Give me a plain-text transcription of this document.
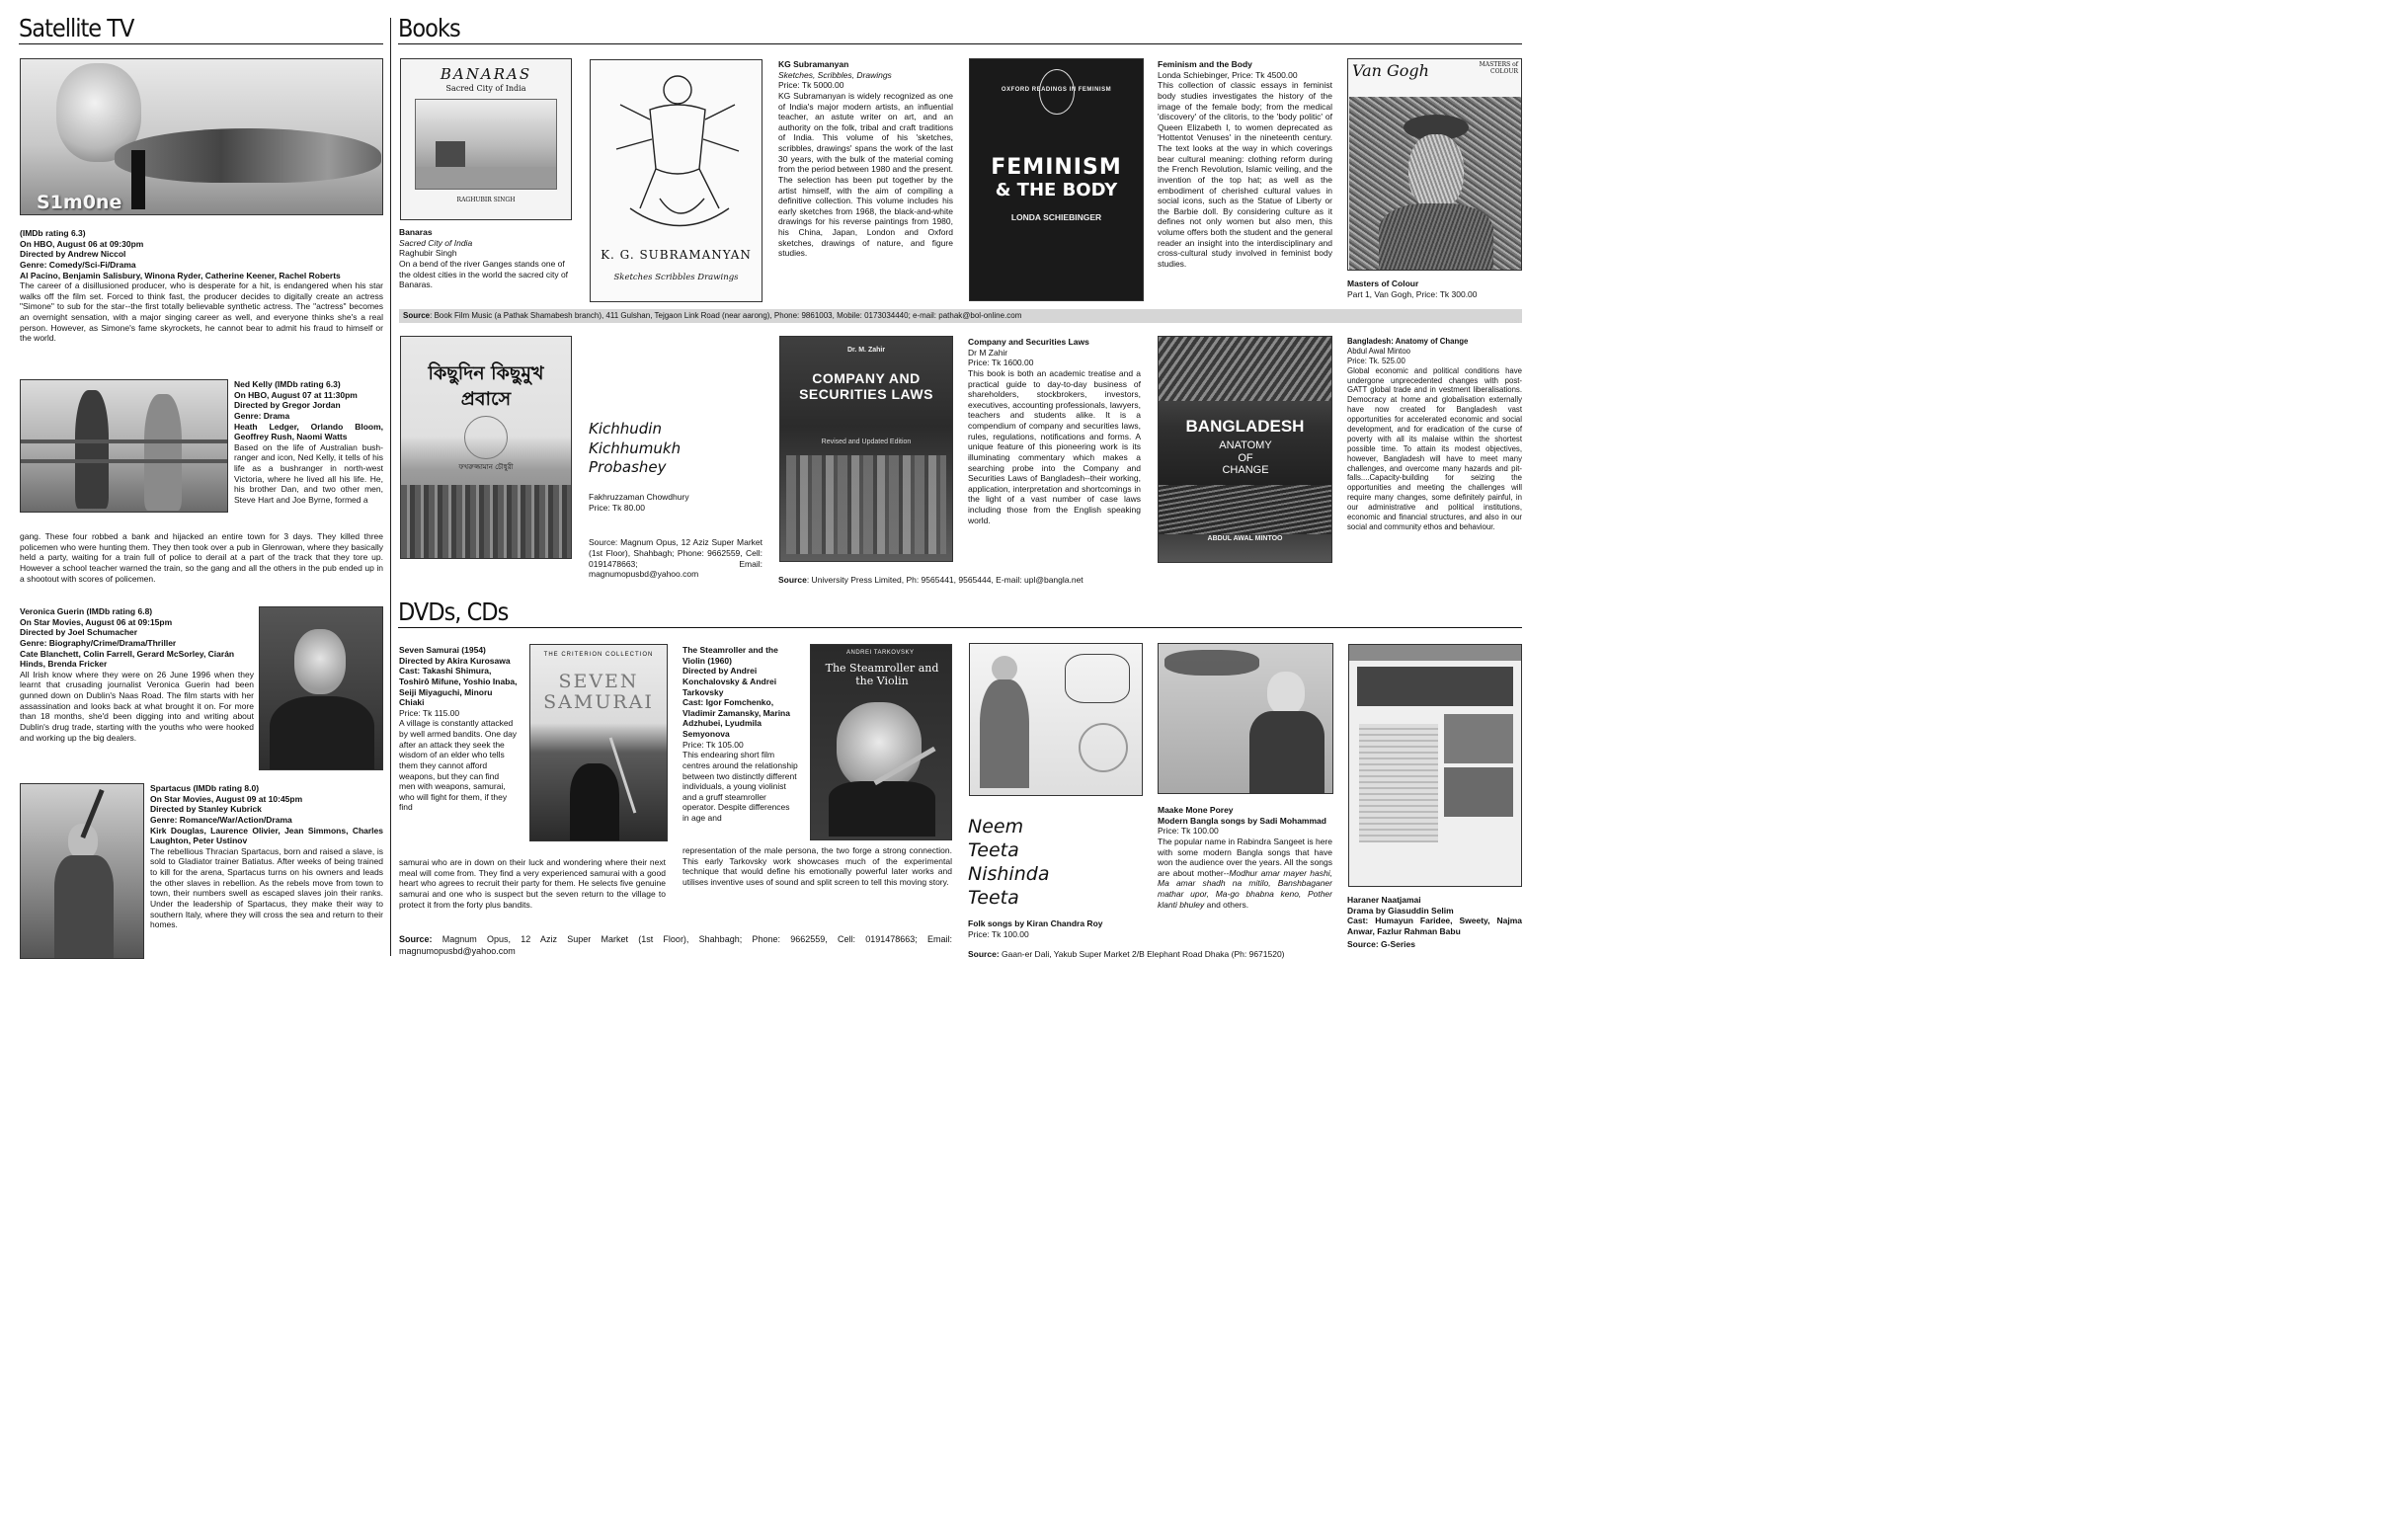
Satellite TV
S1m0ne
(IMDb rating 6.3)
On HBO, August 06 at 09:30pm
Directed by Andrew Niccol
Genre: Comedy/Sci-Fi/Drama
Al Pacino, Benjamin Salisbury, Winona Ryder, Catherine Keener, Rachel Roberts
The career of a disillusioned producer, who is desperate for a hit, is endangered when his star walks off the film set. Forced to think fast, the producer decides to digitally create an actress "Simone" to sub for the star--the first totally believable synthetic actress. The "actress" becomes an overnight sensation, with a major singing career as well, and everyone thinks she's a real person. However, as Simone's fame skyrockets, he cannot bear to admit his fraud to himself or the world.
Ned Kelly (IMDb rating 6.3)
On HBO, August 07 at 11:30pm
Directed by Gregor Jordan
Genre: Drama
Heath Ledger, Orlando Bloom, Geoffrey Rush, Naomi Watts
Based on the life of Australian bush-ranger and icon, Ned Kelly, it tells of his life as a bushranger in north-west Victoria, where he lived all his life. He, his brother Dan, and two other men, Steve Hart and Joe Byrne, formed a
gang. These four robbed a bank and hijacked an entire town for 3 days. They killed three policemen who were hunting them. They then took over a pub in Glenrowan, where they basically held a party, waiting for a train full of police to derail at a part of the track that they tore up. However a school teacher warned the train, so the gang and all the others in the pub ended up in a shootout with scores of policemen.
Veronica Guerin (IMDb rating 6.8)
On Star Movies, August 06 at 09:15pm
Directed by Joel Schumacher
Genre: Biography/Crime/Drama/Thriller
Cate Blanchett, Colin Farrell, Gerard McSorley, Ciarán Hinds, Brenda Fricker
All Irish know where they were on 26 June 1996 when they learnt that crusading journalist Veronica Guerin had been gunned down on Dublin's Naas Road. The film starts with her assassination and looks back at what brought it on. For more than 18 months, she'd been digging into and writing about Dublin's drug trade, starting with the youths who were hooked and working up the big dealers.
Spartacus (IMDb rating 8.0)
On Star Movies, August 09 at 10:45pm
Directed by Stanley Kubrick
Genre: Romance/War/Action/Drama
Kirk Douglas, Laurence Olivier, Jean Simmons, Charles Laughton, Peter Ustinov
The rebellious Thracian Spartacus, born and raised a slave, is sold to Gladiator trainer Batiatus. After weeks of being trained to kill for the arena, Spartacus turns on his owners and leads the other slaves in rebellion. As the rebels move from town to town, their numbers swell as escaped slaves join their ranks. Under the leadership of Spartacus, they make their way to southern Italy, where they will cross the sea and return to their homes.
Books
BANARAS
Sacred City of India
RAGHUBIR SINGH
Banaras
Sacred City of India
Raghubir Singh
On a bend of the river Ganges stands one of the oldest cities in the world the sacred city of Banaras.
K. G. SUBRAMANYAN
Sketches Scribbles Drawings
KG Subramanyan
Sketches, Scribbles, Drawings
Price: Tk 5000.00
KG Subramanyan is widely recognized as one of India's major modern artists, an influential teacher, an astute writer on art, and an authority on the folk, tribal and craft traditions of India. This volume of his 'sketches, scribbles, drawings' spans the work of the last 30 years, with the bulk of the material coming from the period between 1980 and the present. The selection has been put together by the artist himself, with the aim of compiling a definitive collection. This volume includes his early sketches from 1968, the black-and-white drawings for his reverse paintings from 1980, his China, Japan, London and Oxford sketches, drawings of nature, and figure studies.
OXFORD READINGS IN FEMINISM
FEMINISM
& THE BODY
LONDA SCHIEBINGER
Feminism and the Body
Londa Schiebinger, Price: Tk 4500.00
This collection of classic essays in feminist body studies investigates the history of the image of the female body; from the medical 'discovery' of the clitoris, to the 'body politic' of Queen Elizabeth I, to women deprecated as 'Hottentot Venuses' in the nineteenth century. The text looks at the way in which coverings bear cultural meaning: clothing reform during the French Revolution, Islamic veiling, and the invention of the top hat; as well as the embodiment of cherished cultural values in social icons, such as the Statue of Liberty or the Barbie doll. By considering culture as it defines not only women but also men, this volume offers both the student and the general reader an insight into the interdisciplinary and cross-cultural study involved in feminist body studies.
Van Gogh	MASTERS of COLOUR
Masters of Colour
Part 1, Van Gogh, Price: Tk 300.00
Source: Book Film Music (a Pathak Shamabesh branch), 411 Gulshan, Tejgaon Link Road (near aarong), Phone: 9861003, Mobile: 0173034440; e-mail: pathak@bol-online.com
কিছুদিন কিছুমুখ
প্রবাসে
ফখরুজ্জামান চৌধুরী
Kichhudin
Kichhumukh
Probashey
Fakhruzzaman Chowdhury
Price: Tk 80.00
Source: Magnum Opus, 12 Aziz Super Market (1st Floor), Shahbagh; Phone: 9662559, Cell: 0191478663; Email: magnumopusbd@yahoo.com
Dr. M. Zahir
COMPANY AND SECURITIES LAWS
Revised and Updated Edition
Company and Securities Laws
Dr M Zahir
Price: Tk 1600.00
This book is both an academic treatise and a practical guide to day-to-day business of shareholders, stockbrokers, investors, executives, accounting professionals, lawyers, teachers and students alike. It is a compendium of company and securities laws, rules, regulations, notifications and forms. A unique feature of this pioneering work is its illuminating commentary which makes a searching probe into the Company and Securities Laws of Bangladesh--their working, application, interpretation and shortcomings in the light of a vast number of case laws including those from the English speaking world.
Source: University Press Limited, Ph: 9565441, 9565444, E-mail: upl@bangla.net
BANGLADESH
ANATOMY OF CHANGE
ABDUL AWAL MINTOO
Bangladesh: Anatomy of Change
Abdul Awal Mintoo
Price: Tk. 525.00
Global economic and political conditions have undergone unprecedented changes with post-GATT global trade and in vestment liberalisations. Democracy at home and globalisation externally have now created for Bangladesh vast opportunities for accelerated economic and social development, and for eradication of the curse of poverty with all its malaise within the shortest possible time. To attain its modest objectives, however, Bangladesh will have to meet many challenges, and overcome many hazards and pit-falls....Capacity-building for seizing the opportunities and meeting the challenges will require many changes, some definitely painful, in our administrative and political institutions, economic and financial structures, and also in our social and community ethos and behaviour.
DVDs, CDs
Seven Samurai (1954)
Directed by Akira Kurosawa
Cast: Takashi Shimura, Toshirô Mifune, Yoshio Inaba, Seiji Miyaguchi, Minoru Chiaki
Price: Tk 115.00
A village is constantly attacked by well armed bandits. One day after an attack they seek the wisdom of an elder who tells them they cannot afford weapons, but they can find men with weapons, samurai, who will fight for them, if they find
THE CRITERION COLLECTION
SEVEN
SAMURAI
The Steamroller and the Violin (1960)
Directed by Andrei Konchalovsky & Andrei Tarkovsky
Cast: Igor Fomchenko, Vladimir Zamansky, Marina Adzhubei, Lyudmila Semyonova
Price: Tk 105.00
This endearing short film centres around the relationship between two distinctly different individuals, a young violinist and a gruff steamroller operator. Despite differences in age and
ANDREI TARKOVSKY
The Steamroller and the Violin
samurai who are in down on their luck and wondering where their next meal will come from. They find a very experienced samurai with a good heart who agrees to recruit their party for them. He selects five genuine samurai and one who is suspect but the seven return to the village to protect it from the forty plus bandits.
representation of the male persona, the two forge a strong connection. This early Tarkovsky work showcases much of the experimental technique that would define his emotionally powerful later works and utilises inventive uses of sound and split screen to tell this moving story.
Source: Magnum Opus, 12 Aziz Super Market (1st Floor), Shahbagh; Phone: 9662559, Cell: 0191478663; Email: magnumopusbd@yahoo.com
Neem
Teeta
Nishinda
Teeta
Folk songs by Kiran Chandra Roy
Price: Tk 100.00
Maake Mone Porey
Modern Bangla songs by Sadi Mohammad
Price: Tk 100.00
The popular name in Rabindra Sangeet is here with some modern Bangla songs that have won the audience over the years. All the songs are about mother--Modhur amar mayer hashi, Ma amar shadh na mitilo, Banshbaganer mathar upor, Ma-go bhabna keno, Pother klanti bhuley and others.	Haraner Naatjamai
Drama by Giasuddin Selim
Cast: Humayun Faridee, Sweety, Najma Anwar, Fazlur Rahman Babu
Source: G-Series
Source: Gaan-er Dali, Yakub Super Market 2/B Elephant Road Dhaka (Ph: 9671520)
